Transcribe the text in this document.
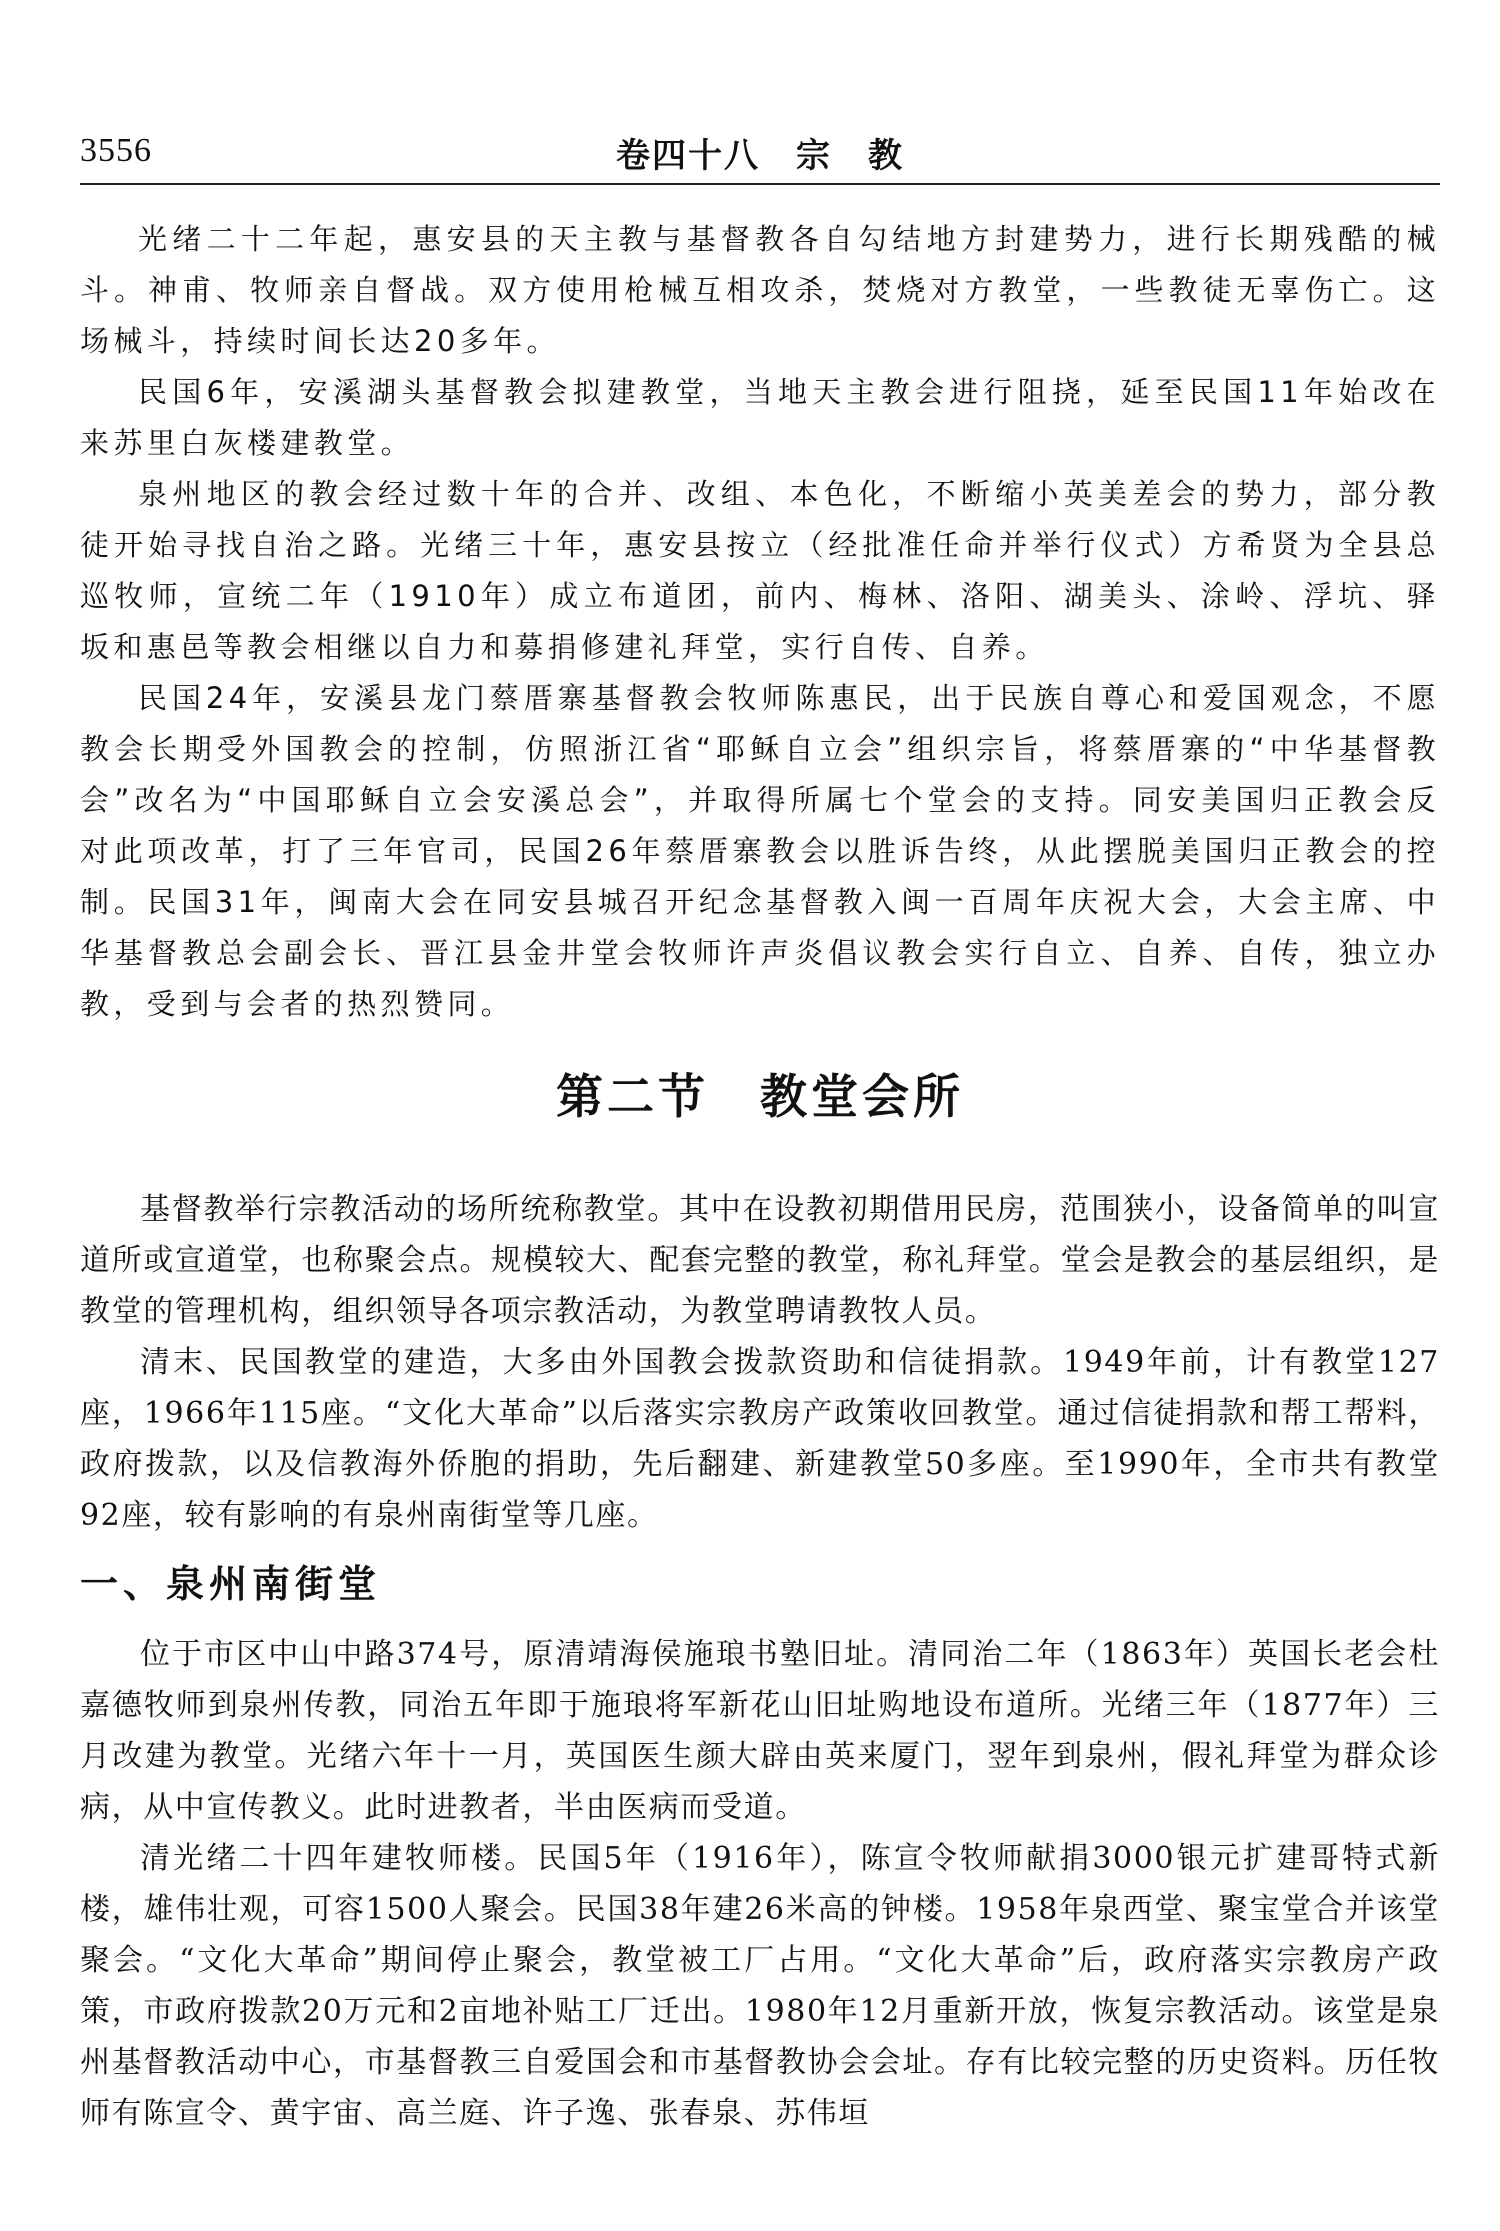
3556	卷四十八　宗　教

光绪二十二年起，惠安县的天主教与基督教各自勾结地方封建势力，进行长期残酷的械斗。神甫、牧师亲自督战。双方使用枪械互相攻杀，焚烧对方教堂，一些教徒无辜伤亡。这场械斗，持续时间长达20多年。

民国6年，安溪湖头基督教会拟建教堂，当地天主教会进行阻挠，延至民国11年始改在来苏里白灰楼建教堂。

泉州地区的教会经过数十年的合并、改组、本色化，不断缩小英美差会的势力，部分教徒开始寻找自治之路。光绪三十年，惠安县按立（经批准任命并举行仪式）方希贤为全县总巡牧师，宣统二年（1910年）成立布道团，前内、梅林、洛阳、湖美头、涂岭、浮坑、驿坂和惠邑等教会相继以自力和募捐修建礼拜堂，实行自传、自养。

民国24年，安溪县龙门蔡厝寨基督教会牧师陈惠民，出于民族自尊心和爱国观念，不愿教会长期受外国教会的控制，仿照浙江省“耶稣自立会”组织宗旨，将蔡厝寨的“中华基督教会”改名为“中国耶稣自立会安溪总会”，并取得所属七个堂会的支持。同安美国归正教会反对此项改革，打了三年官司，民国26年蔡厝寨教会以胜诉告终，从此摆脱美国归正教会的控制。民国31年，闽南大会在同安县城召开纪念基督教入闽一百周年庆祝大会，大会主席、中华基督教总会副会长、晋江县金井堂会牧师许声炎倡议教会实行自立、自养、自传，独立办教，受到与会者的热烈赞同。

第二节　教堂会所

基督教举行宗教活动的场所统称教堂。其中在设教初期借用民房，范围狭小，设备简单的叫宣道所或宣道堂，也称聚会点。规模较大、配套完整的教堂，称礼拜堂。堂会是教会的基层组织，是教堂的管理机构，组织领导各项宗教活动，为教堂聘请教牧人员。

清末、民国教堂的建造，大多由外国教会拨款资助和信徒捐款。1949年前，计有教堂127座，1966年115座。“文化大革命”以后落实宗教房产政策收回教堂。通过信徒捐款和帮工帮料，政府拨款，以及信教海外侨胞的捐助，先后翻建、新建教堂50多座。至1990年，全市共有教堂92座，较有影响的有泉州南街堂等几座。

一、泉州南街堂

位于市区中山中路374号，原清靖海侯施琅书塾旧址。清同治二年（1863年）英国长老会杜嘉德牧师到泉州传教，同治五年即于施琅将军新花山旧址购地设布道所。光绪三年（1877年）三月改建为教堂。光绪六年十一月，英国医生颜大辟由英来厦门，翌年到泉州，假礼拜堂为群众诊病，从中宣传教义。此时进教者，半由医病而受道。

清光绪二十四年建牧师楼。民国5年（1916年），陈宣令牧师献捐3000银元扩建哥特式新楼，雄伟壮观，可容1500人聚会。民国38年建26米高的钟楼。1958年泉西堂、聚宝堂合并该堂聚会。“文化大革命”期间停止聚会，教堂被工厂占用。“文化大革命”后，政府落实宗教房产政策，市政府拨款20万元和2亩地补贴工厂迁出。1980年12月重新开放，恢复宗教活动。该堂是泉州基督教活动中心，市基督教三自爱国会和市基督教协会会址。存有比较完整的历史资料。历任牧师有陈宣令、黄宇宙、高兰庭、许子逸、张春泉、苏伟垣
